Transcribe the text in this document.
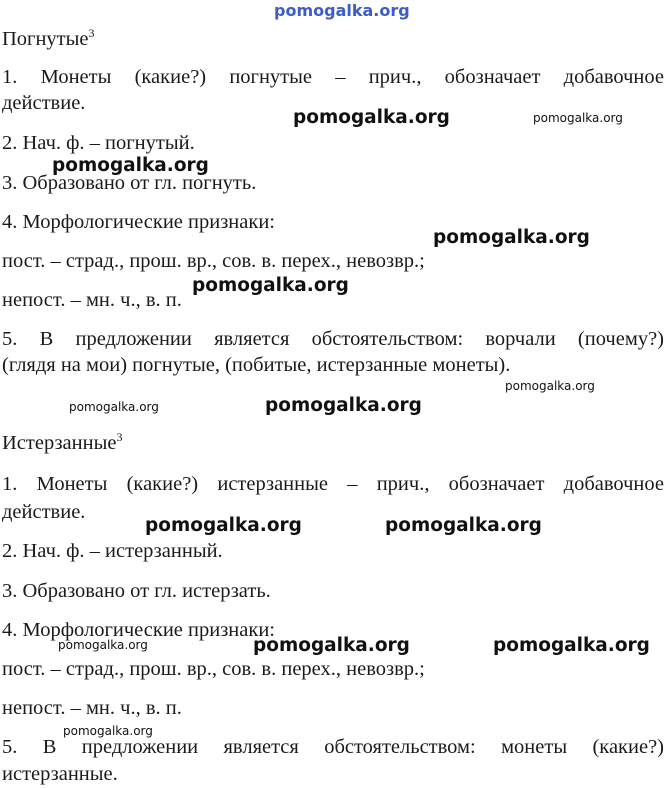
pomogalka.org
Погнутые$^3$
1. Монеты (какие?) погнутые – прич., обозначает добавочное
действие.
2. Нач. ф. – погнутый.
3. Образовано от гл. погнуть.
4. Морфологические признаки:
пост. – страд., прош. вр., сов. в. перех., невозвр.;
непост. – мн. ч., в. п.
5. В предложении является обстоятельством: ворчали (почему?)
(глядя на мои) погнутые, (побитые, истерзанные монеты).
Истерзанные$^3$
1. Монеты (какие?) истерзанные – прич., обозначает добавочное
действие.
2. Нач. ф. – истерзанный.
3. Образовано от гл. истерзать.
4. Морфологические признаки:
пост. – страд., прош. вр., сов. в. перех., невозвр.;
непост. – мн. ч., в. п.
5. В предложении является обстоятельством: монеты (какие?)
истерзанные.
pomogalka.org	pomogalka.org
pomogalka.org
pomogalka.org
pomogalka.org
pomogalka.org
pomogalka.org	pomogalka.org
pomogalka.org	pomogalka.org
pomogalka.org	pomogalka.org	pomogalka.org
pomogalka.org
